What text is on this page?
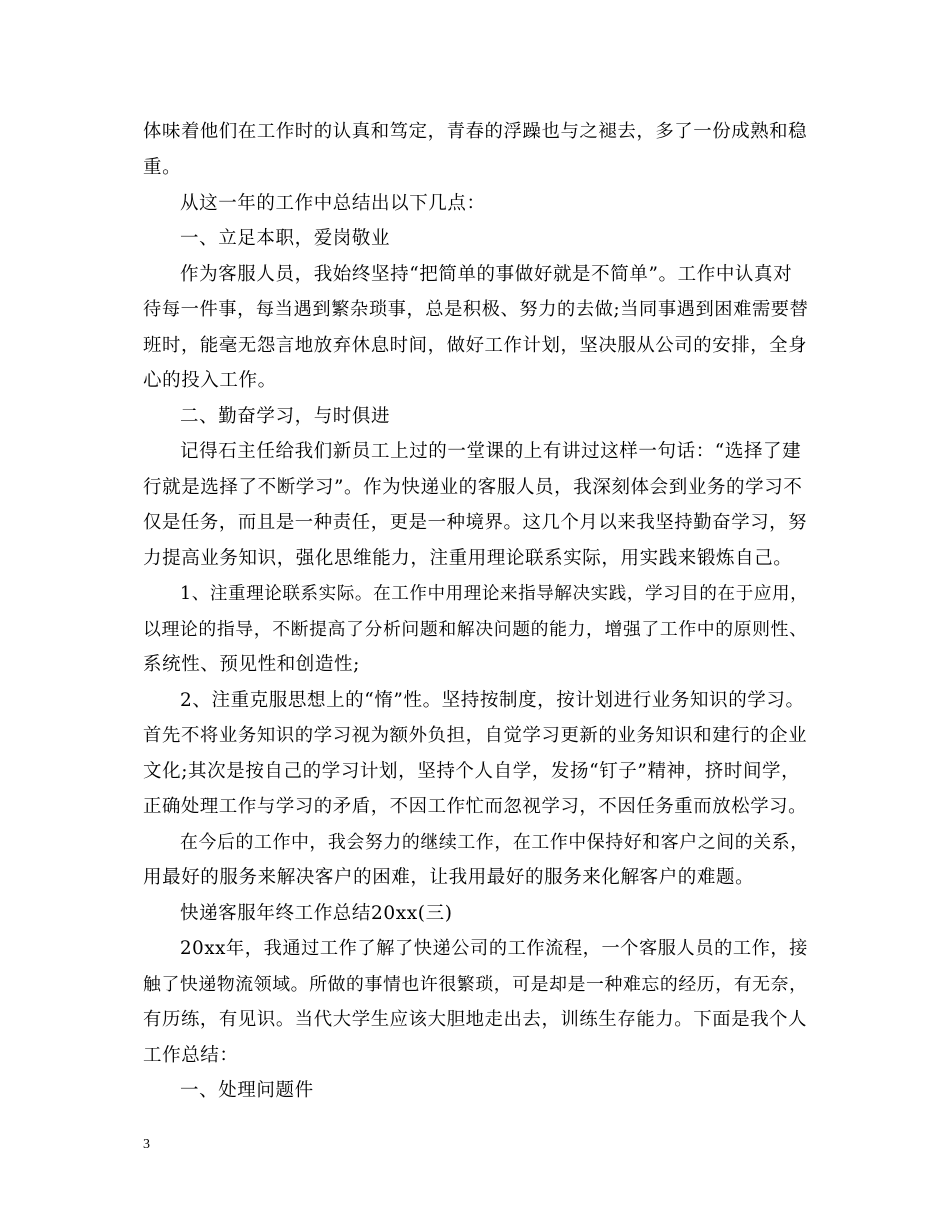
体味着他们在工作时的认真和笃定，青春的浮躁也与之褪去，多了一份成熟和稳
重。
从这一年的工作中总结出以下几点：
一、立足本职，爱岗敬业
作为客服人员，我始终坚持“把简单的事做好就是不简单”。工作中认真对
待每一件事，每当遇到繁杂琐事，总是积极、努力的去做;当同事遇到困难需要替
班时，能毫无怨言地放弃休息时间，做好工作计划，坚决服从公司的安排，全身
心的投入工作。
二、勤奋学习，与时俱进
记得石主任给我们新员工上过的一堂课的上有讲过这样一句话：“选择了建
行就是选择了不断学习”。作为快递业的客服人员，我深刻体会到业务的学习不
仅是任务，而且是一种责任，更是一种境界。这几个月以来我坚持勤奋学习，努
力提高业务知识，强化思维能力，注重用理论联系实际，用实践来锻炼自己。
1、注重理论联系实际。在工作中用理论来指导解决实践，学习目的在于应用，
以理论的指导，不断提高了分析问题和解决问题的能力，增强了工作中的原则性、
系统性、预见性和创造性;
2、注重克服思想上的“惰”性。坚持按制度，按计划进行业务知识的学习。
首先不将业务知识的学习视为额外负担，自觉学习更新的业务知识和建行的企业
文化;其次是按自己的学习计划，坚持个人自学，发扬“钉子”精神，挤时间学，
正确处理工作与学习的矛盾，不因工作忙而忽视学习，不因任务重而放松学习。
在今后的工作中，我会努力的继续工作，在工作中保持好和客户之间的关系，
用最好的服务来解决客户的困难，让我用最好的服务来化解客户的难题。
快递客服年终工作总结20xx(三)
20xx年，我通过工作了解了快递公司的工作流程，一个客服人员的工作，接
触了快递物流领域。所做的事情也许很繁琐，可是却是一种难忘的经历，有无奈，
有历练，有见识。当代大学生应该大胆地走出去，训练生存能力。下面是我个人
工作总结：
一、处理问题件
3
